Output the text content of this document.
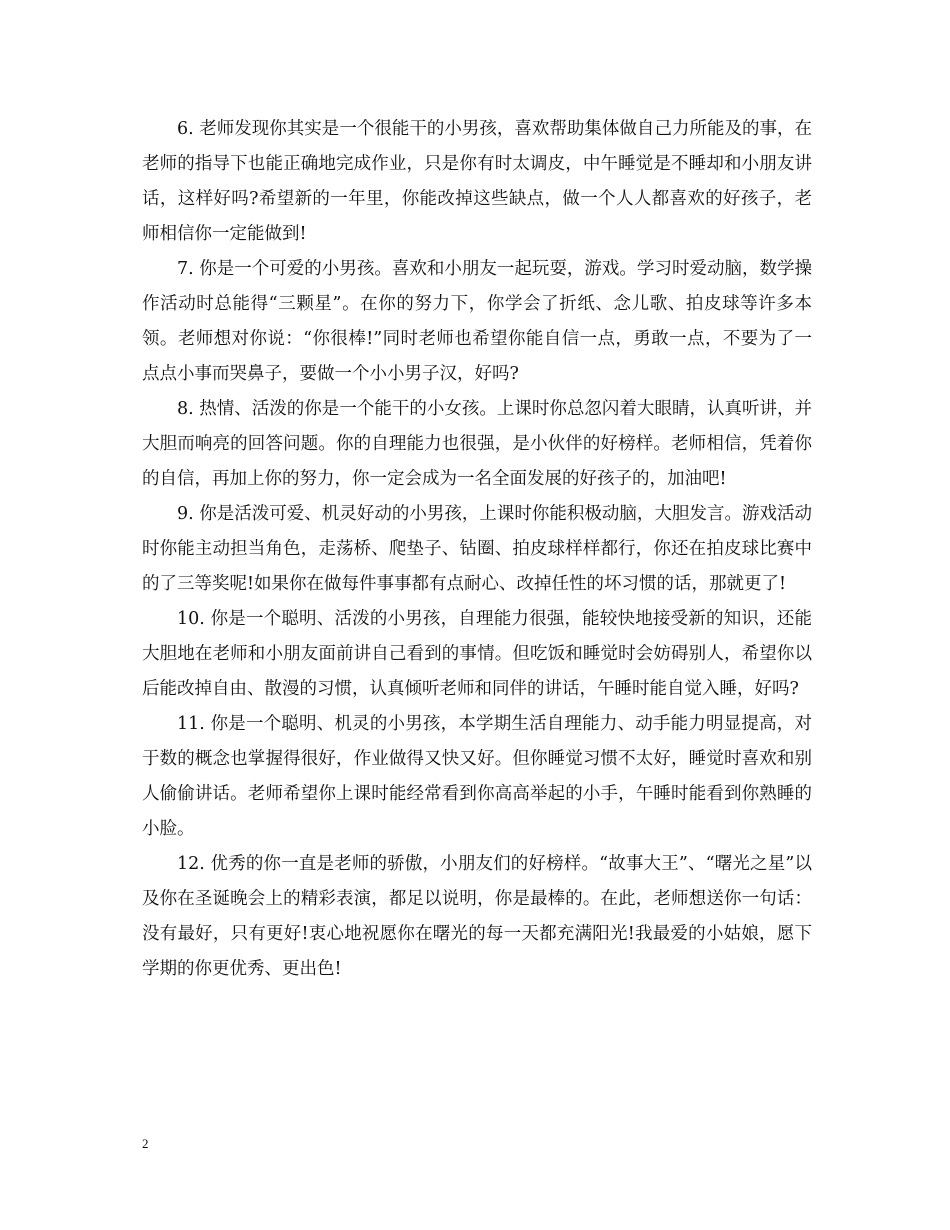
6. 老师发现你其实是一个很能干的小男孩，喜欢帮助集体做自己力所能及的事，在老师的指导下也能正确地完成作业，只是你有时太调皮，中午睡觉是不睡却和小朋友讲话，这样好吗?希望新的一年里，你能改掉这些缺点，做一个人人都喜欢的好孩子，老师相信你一定能做到!

7. 你是一个可爱的小男孩。喜欢和小朋友一起玩耍，游戏。学习时爱动脑，数学操作活动时总能得“三颗星”。在你的努力下，你学会了折纸、念儿歌、拍皮球等许多本领。老师想对你说：“你很棒!”同时老师也希望你能自信一点，勇敢一点，不要为了一点点小事而哭鼻子，要做一个小小男子汉，好吗?

8. 热情、活泼的你是一个能干的小女孩。上课时你总忽闪着大眼睛，认真听讲，并大胆而响亮的回答问题。你的自理能力也很强，是小伙伴的好榜样。老师相信，凭着你的自信，再加上你的努力，你一定会成为一名全面发展的好孩子的，加油吧!

9. 你是活泼可爱、机灵好动的小男孩，上课时你能积极动脑，大胆发言。游戏活动时你能主动担当角色，走荡桥、爬垫子、钻圈、拍皮球样样都行，你还在拍皮球比赛中的了三等奖呢!如果你在做每件事事都有点耐心、改掉任性的坏习惯的话，那就更了!

10. 你是一个聪明、活泼的小男孩，自理能力很强，能较快地接受新的知识，还能大胆地在老师和小朋友面前讲自己看到的事情。但吃饭和睡觉时会妨碍别人，希望你以后能改掉自由、散漫的习惯，认真倾听老师和同伴的讲话，午睡时能自觉入睡，好吗?

11. 你是一个聪明、机灵的小男孩，本学期生活自理能力、动手能力明显提高，对于数的概念也掌握得很好，作业做得又快又好。但你睡觉习惯不太好，睡觉时喜欢和别人偷偷讲话。老师希望你上课时能经常看到你高高举起的小手，午睡时能看到你熟睡的小脸。

12. 优秀的你一直是老师的骄傲，小朋友们的好榜样。“故事大王”、“曙光之星”以及你在圣诞晚会上的精彩表演，都足以说明，你是最棒的。在此，老师想送你一句话：没有最好，只有更好!衷心地祝愿你在曙光的每一天都充满阳光!我最爱的小姑娘，愿下学期的你更优秀、更出色!

2
